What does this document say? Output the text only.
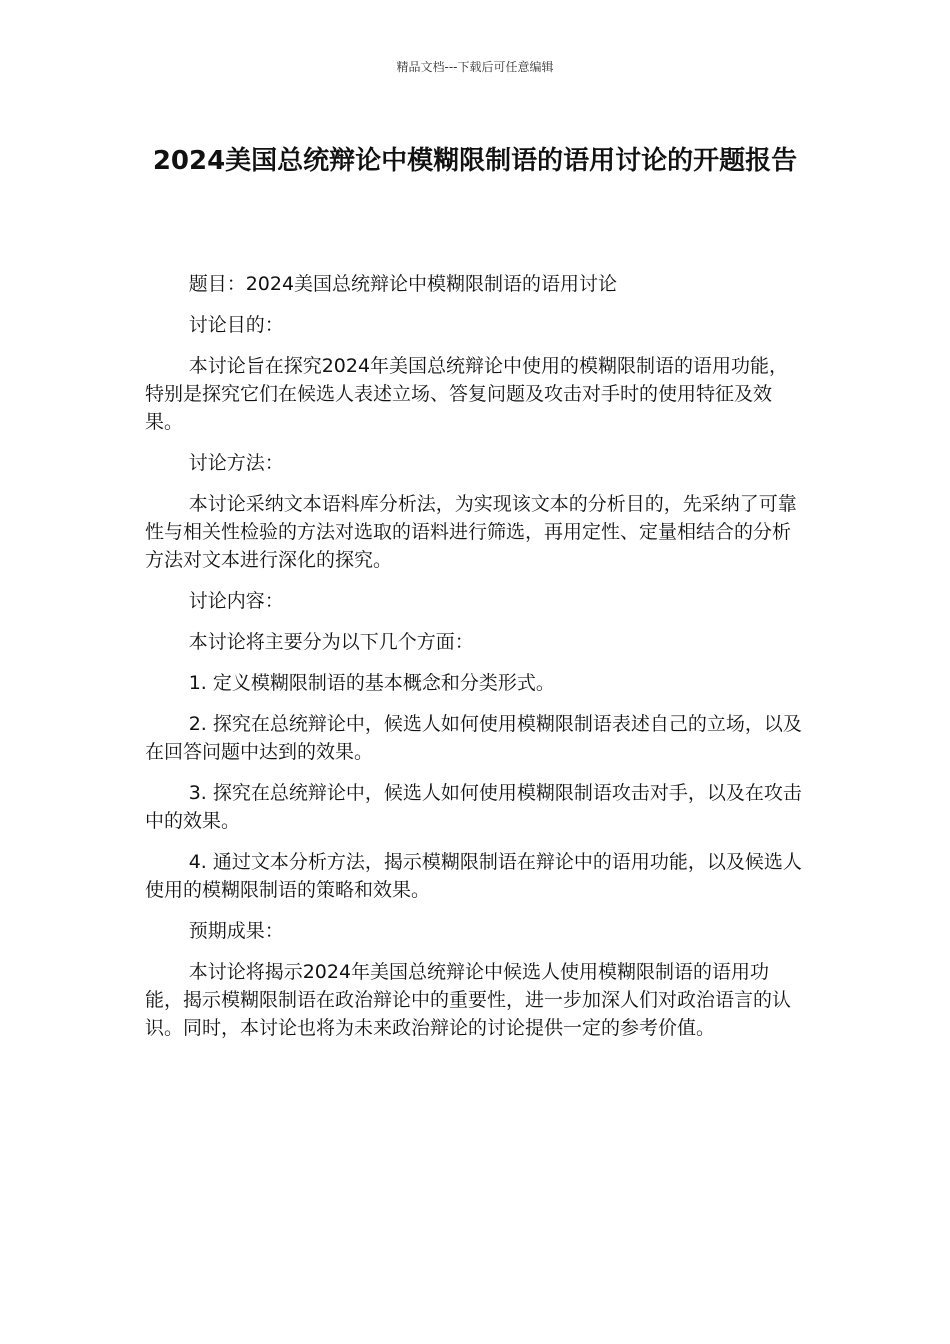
精品文档---下载后可任意编辑
2024美国总统辩论中模糊限制语的语用讨论的开题报告

题目：2024美国总统辩论中模糊限制语的语用讨论

讨论目的：

本讨论旨在探究2024年美国总统辩论中使用的模糊限制语的语用功能，特别是探究它们在候选人表述立场、答复问题及攻击对手时的使用特征及效果。

讨论方法：

本讨论采纳文本语料库分析法，为实现该文本的分析目的，先采纳了可靠性与相关性检验的方法对选取的语料进行筛选，再用定性、定量相结合的分析方法对文本进行深化的探究。

讨论内容：

本讨论将主要分为以下几个方面：

1. 定义模糊限制语的基本概念和分类形式。

2. 探究在总统辩论中，候选人如何使用模糊限制语表述自己的立场，以及在回答问题中达到的效果。

3. 探究在总统辩论中，候选人如何使用模糊限制语攻击对手，以及在攻击中的效果。

4. 通过文本分析方法，揭示模糊限制语在辩论中的语用功能，以及候选人使用的模糊限制语的策略和效果。

预期成果：

本讨论将揭示2024年美国总统辩论中候选人使用模糊限制语的语用功能，揭示模糊限制语在政治辩论中的重要性，进一步加深人们对政治语言的认识。同时，本讨论也将为未来政治辩论的讨论提供一定的参考价值。
